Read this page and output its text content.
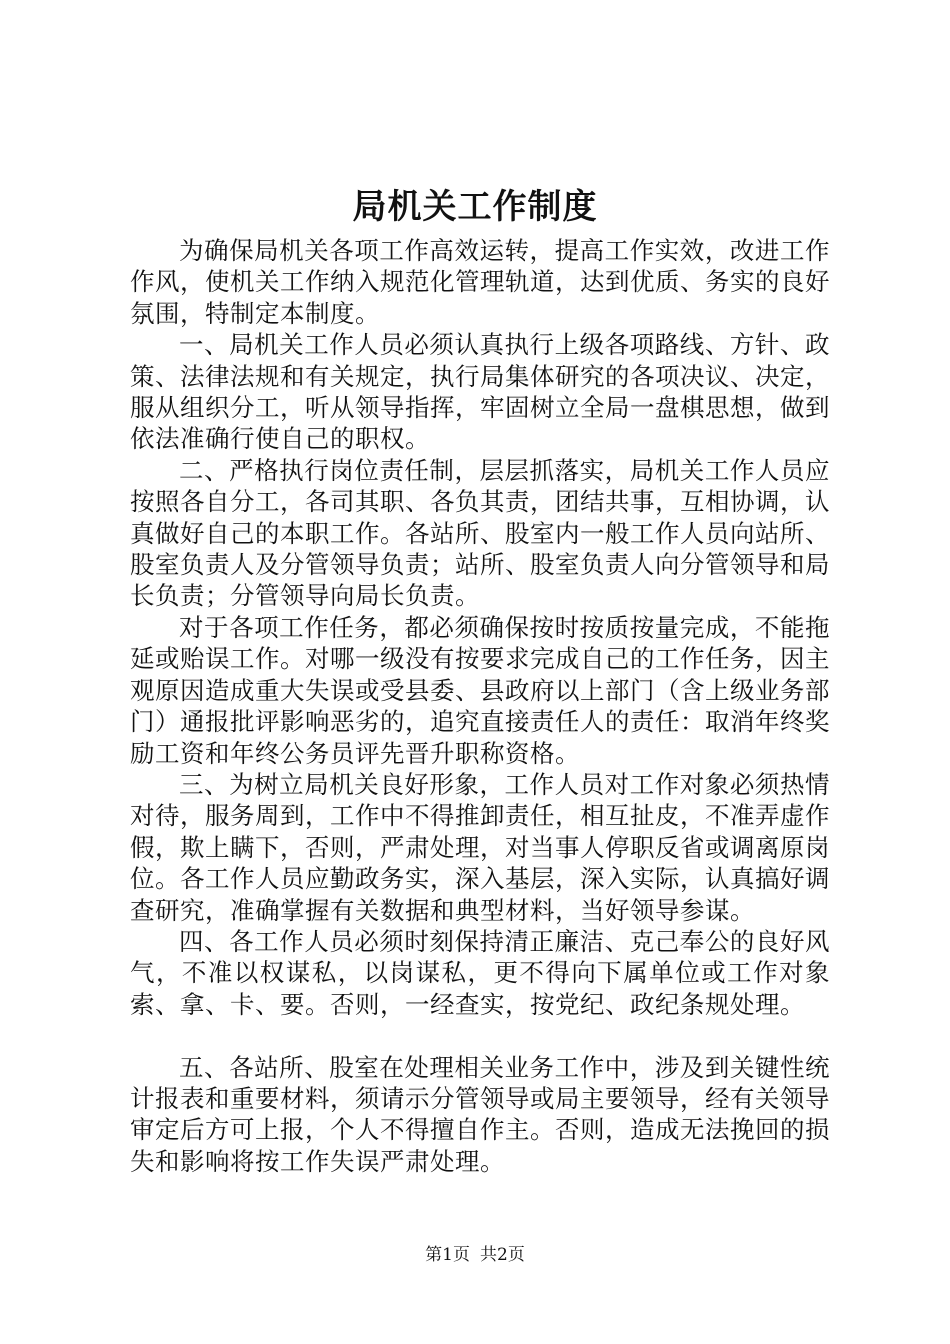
局机关工作制度

为确保局机关各项工作高效运转，提高工作实效，改进工作作风，使机关工作纳入规范化管理轨道，达到优质、务实的良好氛围，特制定本制度。

一、局机关工作人员必须认真执行上级各项路线、方针、政策、法律法规和有关规定，执行局集体研究的各项决议、决定，服从组织分工，听从领导指挥，牢固树立全局一盘棋思想，做到依法准确行使自己的职权。

二、严格执行岗位责任制，层层抓落实，局机关工作人员应按照各自分工，各司其职、各负其责，团结共事，互相协调，认真做好自己的本职工作。各站所、股室内一般工作人员向站所、股室负责人及分管领导负责；站所、股室负责人向分管领导和局长负责；分管领导向局长负责。

对于各项工作任务，都必须确保按时按质按量完成，不能拖延或贻误工作。对哪一级没有按要求完成自己的工作任务，因主观原因造成重大失误或受县委、县政府以上部门（含上级业务部门）通报批评影响恶劣的，追究直接责任人的责任：取消年终奖励工资和年终公务员评先晋升职称资格。

三、为树立局机关良好形象，工作人员对工作对象必须热情对待，服务周到，工作中不得推卸责任，相互扯皮，不准弄虚作假，欺上瞒下，否则，严肃处理，对当事人停职反省或调离原岗位。各工作人员应勤政务实，深入基层，深入实际，认真搞好调查研究，准确掌握有关数据和典型材料，当好领导参谋。

四、各工作人员必须时刻保持清正廉洁、克己奉公的良好风气，不准以权谋私，以岗谋私，更不得向下属单位或工作对象索、拿、卡、要。否则，一经查实，按党纪、政纪条规处理。

五、各站所、股室在处理相关业务工作中，涉及到关键性统计报表和重要材料，须请示分管领导或局主要领导，经有关领导审定后方可上报，个人不得擅自作主。否则，造成无法挽回的损失和影响将按工作失误严肃处理。

第1页 共2页
